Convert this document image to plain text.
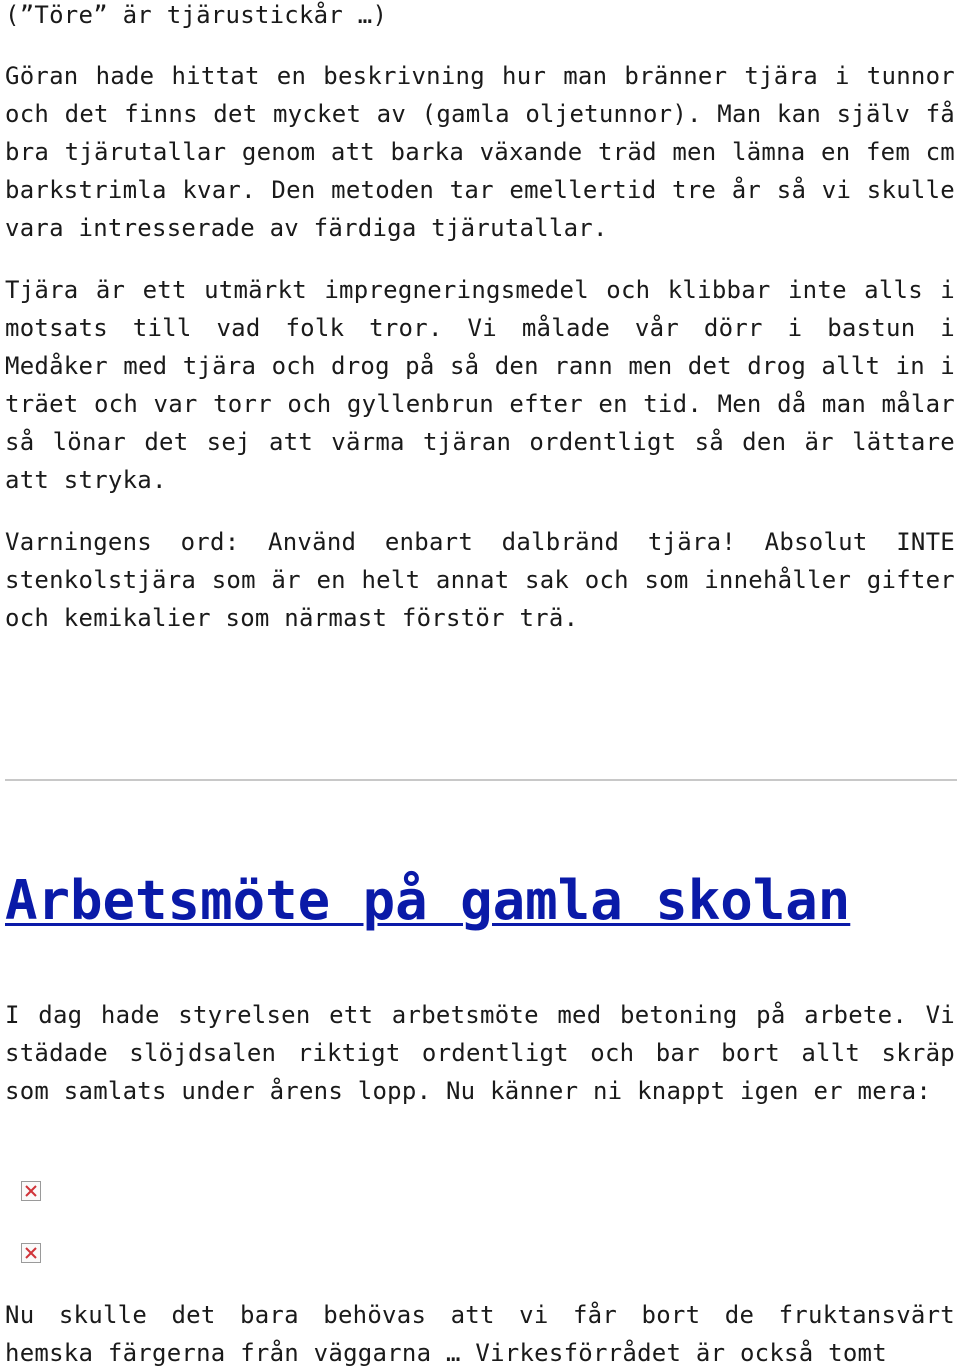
(”Töre” är tjärustickår …)

Göran hade hittat en beskrivning hur man bränner tjära i tunnor och det finns det mycket av (gamla oljetunnor). Man kan själv få bra tjärutallar genom att barka växande träd men lämna en fem cm barkstrimla kvar. Den metoden tar emellertid tre år så vi skulle vara intresserade av färdiga tjärutallar.

Tjära är ett utmärkt impregneringsmedel och klibbar inte alls i motsats till vad folk tror. Vi målade vår dörr i bastun i Medåker med tjära och drog på så den rann men det drog allt in i träet och var torr och gyllenbrun efter en tid. Men då man målar så lönar det sej att värma tjäran ordentligt så den är lättare att stryka.

Varningens ord: Använd enbart dalbränd tjära! Absolut INTE stenkolstjära som är en helt annat sak och som innehåller gifter och kemikalier som närmast förstör trä.

Arbetsmöte på gamla skolan

I dag hade styrelsen ett arbetsmöte med betoning på arbete. Vi städade slöjdsalen riktigt ordentligt och bar bort allt skräp som samlats under årens lopp. Nu känner ni knappt igen er mera:

Nu skulle det bara behövas att vi får bort de fruktansvärt hemska färgerna från väggarna … Virkesförrådet är också tomt
